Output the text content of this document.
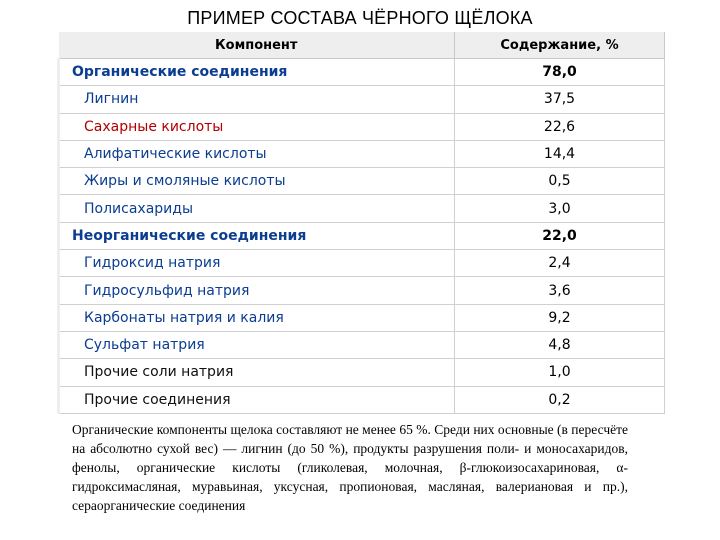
ПРИМЕР СОСТАВА ЧЁРНОГО ЩЁЛОКА
Компонент	Содержание, %
Органические соединения	78,0
Лигнин	37,5
Сахарные кислоты	22,6
Алифатические кислоты	14,4
Жиры и смоляные кислоты	0,5
Полисахариды	3,0
Неорганические соединения	22,0
Гидроксид натрия	2,4
Гидросульфид натрия	3,6
Карбонаты натрия и калия	9,2
Сульфат натрия	4,8
Прочие соли натрия	1,0
Прочие соединения	0,2
Органические компоненты щелока составляют не менее 65 %. Среди них основные (в пересчёте на абсолютно сухой вес) — лигнин (до 50 %), продукты разрушения поли- и моносахаридов, фенолы, органические кислоты (гликолевая, молочная, β-глюкоизосахариновая, α-гидроксимасляная, муравьиная, уксусная, пропионовая, масляная, валериановая и пр.), сераорганические соединения
